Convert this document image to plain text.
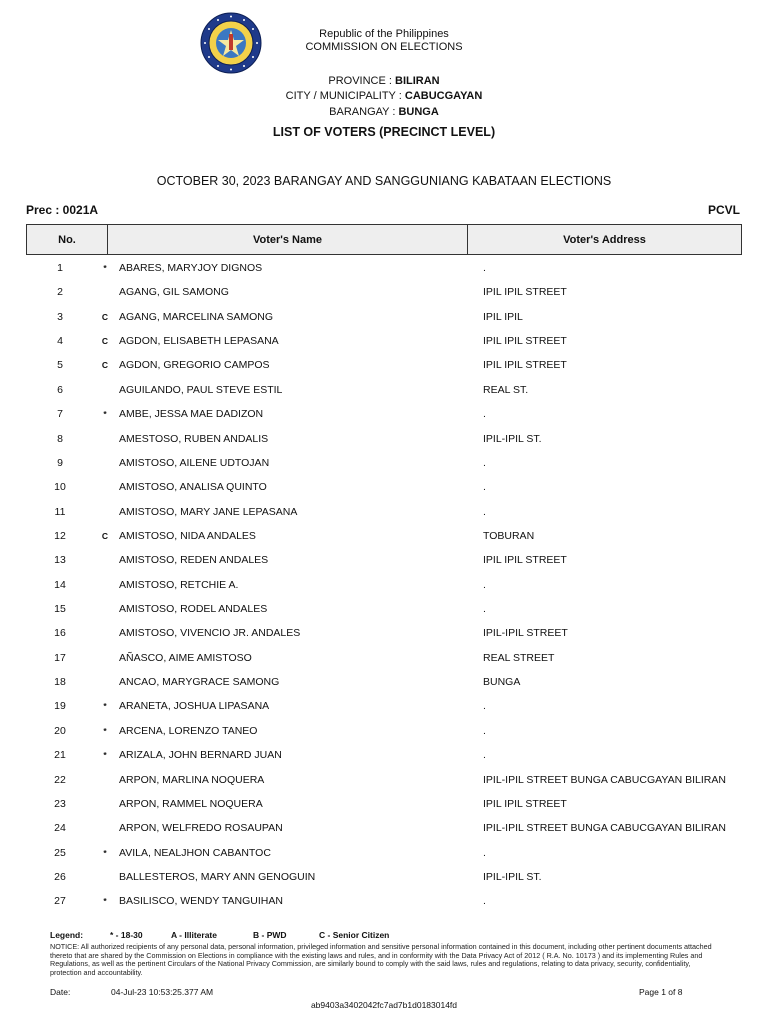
Republic of the Philippines
COMMISSION ON ELECTIONS
PROVINCE : BILIRAN
CITY / MUNICIPALITY : CABUCGAYAN
BARANGAY : BUNGA
LIST OF VOTERS (PRECINCT LEVEL)
OCTOBER 30, 2023 BARANGAY AND SANGGUNIANG KABATAAN ELECTIONS
Prec : 0021A	PCVL
No.	Voter's Name	Voter's Address
1	*	ABARES, MARYJOY DIGNOS	.
2	AGANG, GIL SAMONG	IPIL IPIL STREET
3	C AGANG, MARCELINA SAMONG	IPIL IPIL
4	C AGDON, ELISABETH LEPASANA	IPIL IPIL STREET
5	C AGDON, GREGORIO CAMPOS	IPIL IPIL STREET
6	AGUILANDO, PAUL STEVE ESTIL	REAL ST.
7	*	AMBE, JESSA MAE DADIZON	.
8	AMESTOSO, RUBEN ANDALIS	IPIL-IPIL ST.
9	AMISTOSO, AILENE UDTOJAN	.
10	AMISTOSO, ANALISA QUINTO	.
11	AMISTOSO, MARY JANE LEPASANA	.
12	C AMISTOSO, NIDA ANDALES	TOBURAN
13	AMISTOSO, REDEN ANDALES	IPIL IPIL STREET
14	AMISTOSO, RETCHIE A.	.
15	AMISTOSO, RODEL ANDALES	.
16	AMISTOSO, VIVENCIO JR. ANDALES	IPIL-IPIL STREET
17	AÑASCO, AIME AMISTOSO	REAL STREET
18	ANCAO, MARYGRACE SAMONG	BUNGA
19	*	ARANETA, JOSHUA LIPASANA	.
20	*	ARCENA, LORENZO TANEO	.
21	*	ARIZALA, JOHN BERNARD JUAN	.
22	ARPON, MARLINA NOQUERA	IPIL-IPIL STREET BUNGA CABUCGAYAN BILIRAN
23	ARPON, RAMMEL NOQUERA	IPIL IPIL STREET
24	ARPON, WELFREDO ROSAUPAN	IPIL-IPIL STREET BUNGA CABUCGAYAN BILIRAN
25	*	AVILA, NEALJHON CABANTOC	.
26	BALLESTEROS, MARY ANN GENOGUIN	IPIL-IPIL ST.
27	*	BASILISCO, WENDY TANGUIHAN	.
Legend:	* - 18-30	A - Illiterate	B - PWD	C - Senior Citizen
NOTICE: All authorized recipients of any personal data, personal information, privileged information and sensitive personal information contained in this document, including other pertinent documents attached thereto that are shared by the Commission on Elections in compliance with the existing laws and rules, and in conformity with the Data Privacy Act of 2012 ( R.A. No. 10173 ) and its implementing Rules and Regulations, as well as the pertinent Circulars of the National Privacy Commission, are similarly bound to comply with the said laws, rules and regulations, relating to data privacy, security, confidentiality, protection and accountability.
Date:	04-Jul-23 10:53:25.377 AM	Page 1 of 8
ab9403a3402042fc7ad7b1d0183014fd
